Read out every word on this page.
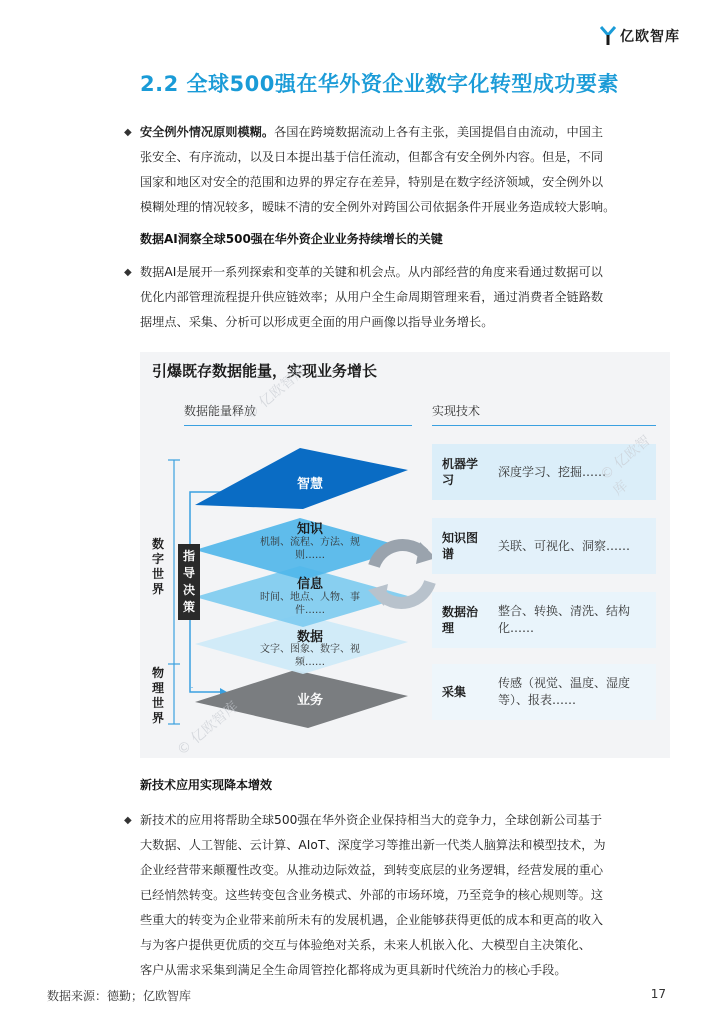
亿欧智库
2.2 全球500强在华外资企业数字化转型成功要素
◆ 安全例外情况原则模糊。各国在跨境数据流动上各有主张，美国提倡自由流动，中国主
张安全、有序流动，以及日本提出基于信任流动，但都含有安全例外内容。但是，不同
国家和地区对安全的范围和边界的界定存在差异，特别是在数字经济领域，安全例外以
模糊处理的情况较多，暧昧不清的安全例外对跨国公司依据条件开展业务造成较大影响。
数据AI洞察全球500强在华外资企业业务持续增长的关键
◆ 数据AI是展开一系列探索和变革的关键和机会点。从内部经营的角度来看通过数据可以
优化内部管理流程提升供应链效率；从用户全生命周期管理来看，通过消费者全链路数
据埋点、采集、分析可以形成更全面的用户画像以指导业务增长。
引爆既存数据能量，实现业务增长
数据能量释放	实现技术
智慧
知识
机制、流程、方法、规则……
信息
时间、地点、人物、事件……
数据
文字、图象、数字、视频……
业务
数字世界
物理世界
指导决策
机器学习
深度学习、挖掘……
知识图谱
关联、可视化、洞察……
数据治理
整合、转换、清洗、结构化……
采集
传感（视觉、温度、湿度等）、报表……
© 亿欧智库
© 亿欧智库
© 亿欧智库
新技术应用实现降本增效
◆ 新技术的应用将帮助全球500强在华外资企业保持相当大的竞争力，全球创新公司基于
大数据、人工智能、云计算、AIoT、深度学习等推出新一代类人脑算法和模型技术，为
企业经营带来颠覆性改变。从推动边际效益，到转变底层的业务逻辑，经营发展的重心
已经悄然转变。这些转变包含业务模式、外部的市场环境，乃至竞争的核心规则等。这
些重大的转变为企业带来前所未有的发展机遇，企业能够获得更低的成本和更高的收入
与为客户提供更优质的交互与体验绝对关系，未来人机嵌入化、大模型自主决策化、
客户从需求采集到满足全生命周管控化都将成为更具新时代统治力的核心手段。
数据来源：德勤；亿欧智库	17
